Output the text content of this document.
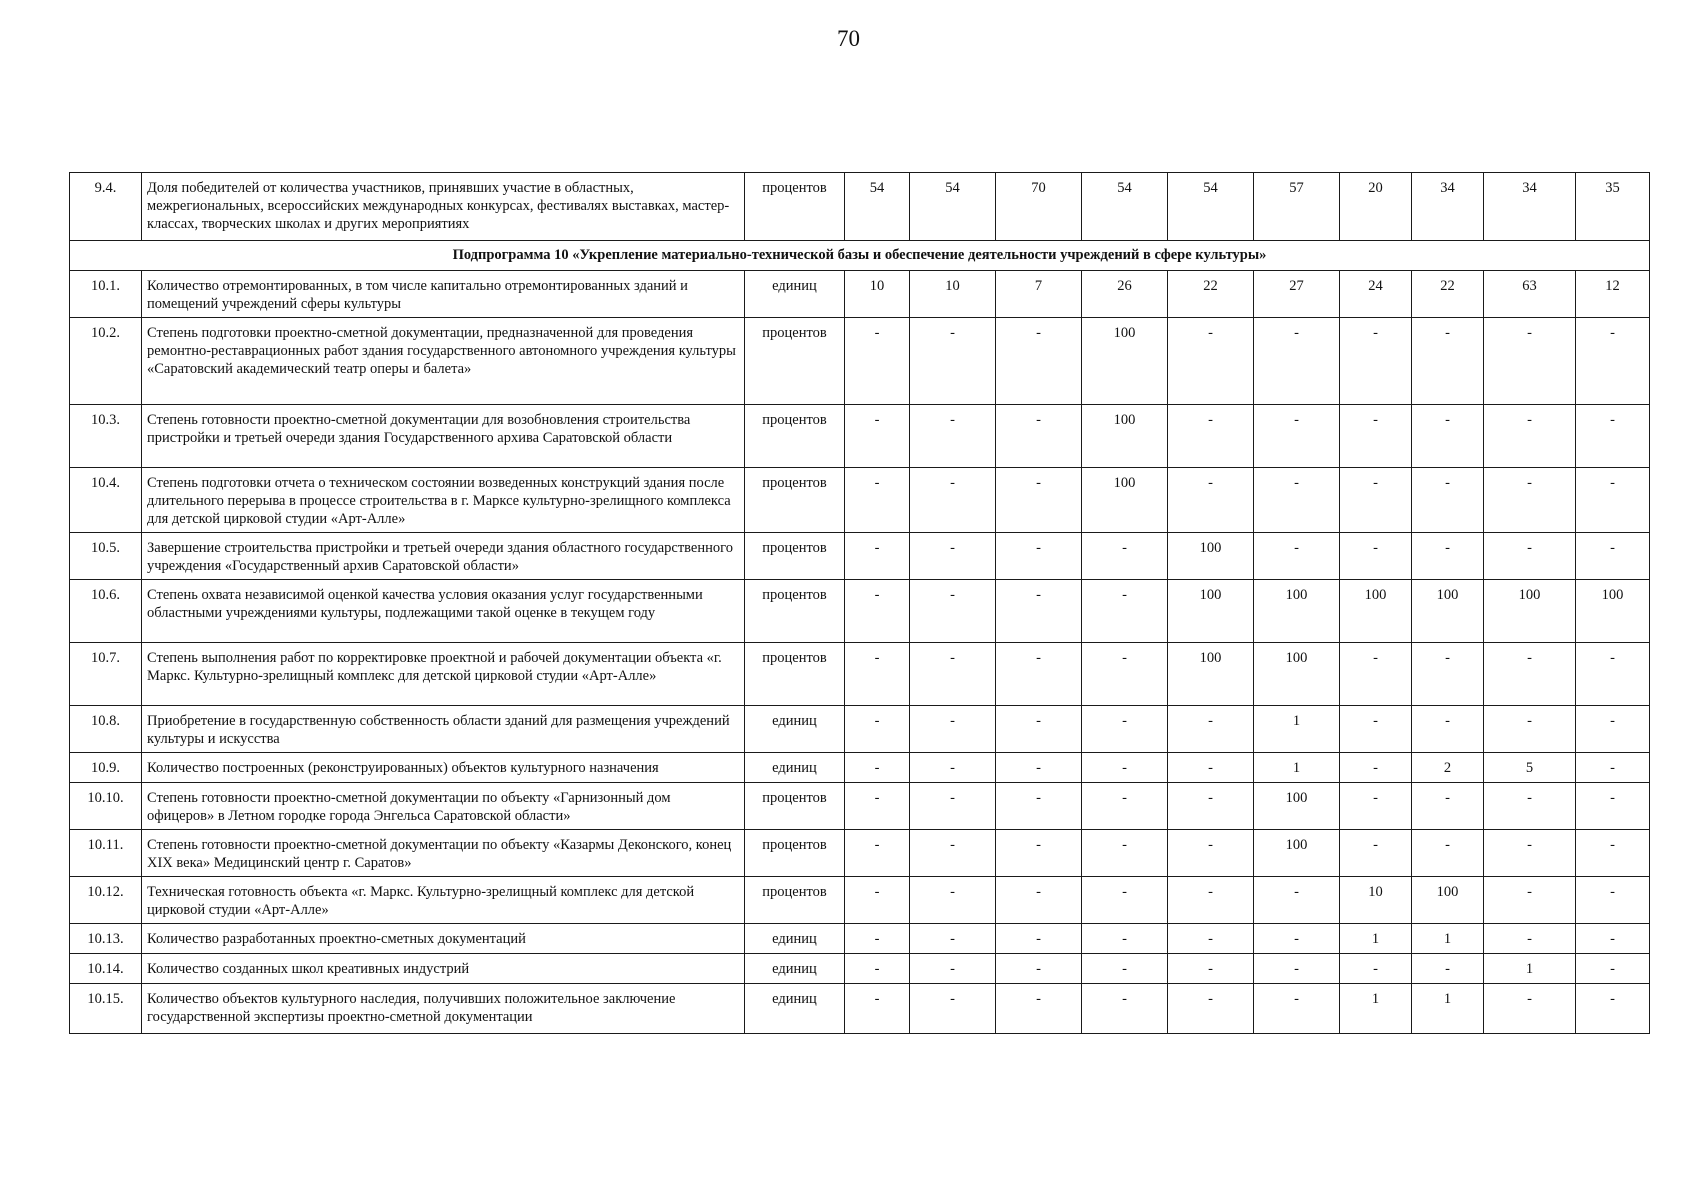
70
9.4.	Доля победителей от количества участников, принявших участие в областных, межрегиональных, всероссийских международных конкурсах, фестивалях выставках, мастер-классах, творческих школах и других мероприятиях	процентов	54	54	70	54	54	57	20	34	34	35
Подпрограмма 10 «Укрепление материально-технической базы и обеспечение деятельности учреждений в сфере культуры»												
10.1.	Количество отремонтированных, в том числе капитально отремонтированных зданий и помещений учреждений сферы культуры	единиц	10	10	7	26	22	27	24	22	63	12
10.2.	Степень подготовки проектно-сметной документации, предназначенной для проведения ремонтно-реставрационных работ здания государственного автономного учреждения культуры «Саратовский академический театр оперы и балета»	процентов	-	-	-	100	-	-	-	-	-	-
10.3.	Степень готовности проектно-сметной документации для возобновления строительства пристройки и третьей очереди здания Государственного архива Саратовской области	процентов	-	-	-	100	-	-	-	-	-	-
10.4.	Степень подготовки отчета о техническом состоянии возведенных конструкций здания после длительного перерыва в процессе строительства в г. Марксе культурно-зрелищного комплекса для детской цирковой студии «Арт-Алле»	процентов	-	-	-	100	-	-	-	-	-	-
10.5.	Завершение строительства пристройки и третьей очереди здания областного государственного учреждения «Государственный архив Саратовской области»	процентов	-	-	-	-	100	-	-	-	-	-
10.6.	Степень охвата независимой оценкой качества условия оказания услуг государственными областными учреждениями культуры, подлежащими такой оценке в текущем году	процентов	-	-	-	-	100	100	100	100	100	100
10.7.	Степень выполнения работ по корректировке проектной и рабочей документации объекта «г. Маркс. Культурно-зрелищный комплекс для детской цирковой студии «Арт-Алле»	процентов	-	-	-	-	100	100	-	-	-	-
10.8.	Приобретение в государственную собственность области зданий для размещения учреждений культуры и искусства	единиц	-	-	-	-	-	1	-	-	-	-
10.9.	Количество построенных (реконструированных) объектов культурного назначения	единиц	-	-	-	-	-	1	-	2	5	-
10.10.	Степень готовности проектно-сметной документации по объекту «Гарнизонный дом офицеров» в Летном городке города Энгельса Саратовской области»	процентов	-	-	-	-	-	100	-	-	-	-
10.11.	Степень готовности проектно-сметной документации по объекту «Казармы Деконского, конец XIX века» Медицинский центр г. Саратов»	процентов	-	-	-	-	-	100	-	-	-	-
10.12.	Техническая готовность объекта «г. Маркс. Культурно-зрелищный комплекс для детской цирковой студии «Арт-Алле»	процентов	-	-	-	-	-	-	10	100	-	-
10.13.	Количество разработанных проектно-сметных документаций	единиц	-	-	-	-	-	-	1	1	-	-
10.14.	Количество созданных школ креативных индустрий	единиц	-	-	-	-	-	-	-	-	1	-
10.15.	Количество объектов культурного наследия, получивших положительное заключение государственной экспертизы проектно-сметной документации	единиц	-	-	-	-	-	-	1	1	-	-
